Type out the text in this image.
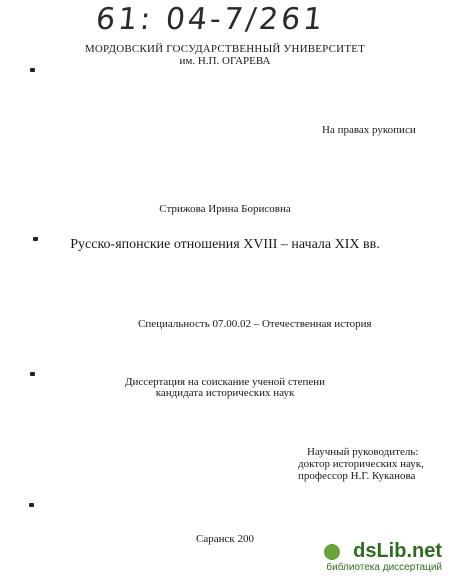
61: 04-7/261
МОРДОВСКИЙ ГОСУДАРСТВЕННЫЙ УНИВЕРСИТЕТ
им. Н.П. ОГАРЕВА
На правах рукописи
Стрижова Ирина Борисовна
Русско-японские отношения XVIII – начала XIX вв.
Специальность 07.00.02 – Отечественная история
Диссертация на соискание ученой степени
кандидата исторических наук
Научный руководитель:
доктор исторических наук,
профессор Н.Г. Куканова
Саранск 200
dsLib.net
библиотека диссертаций
